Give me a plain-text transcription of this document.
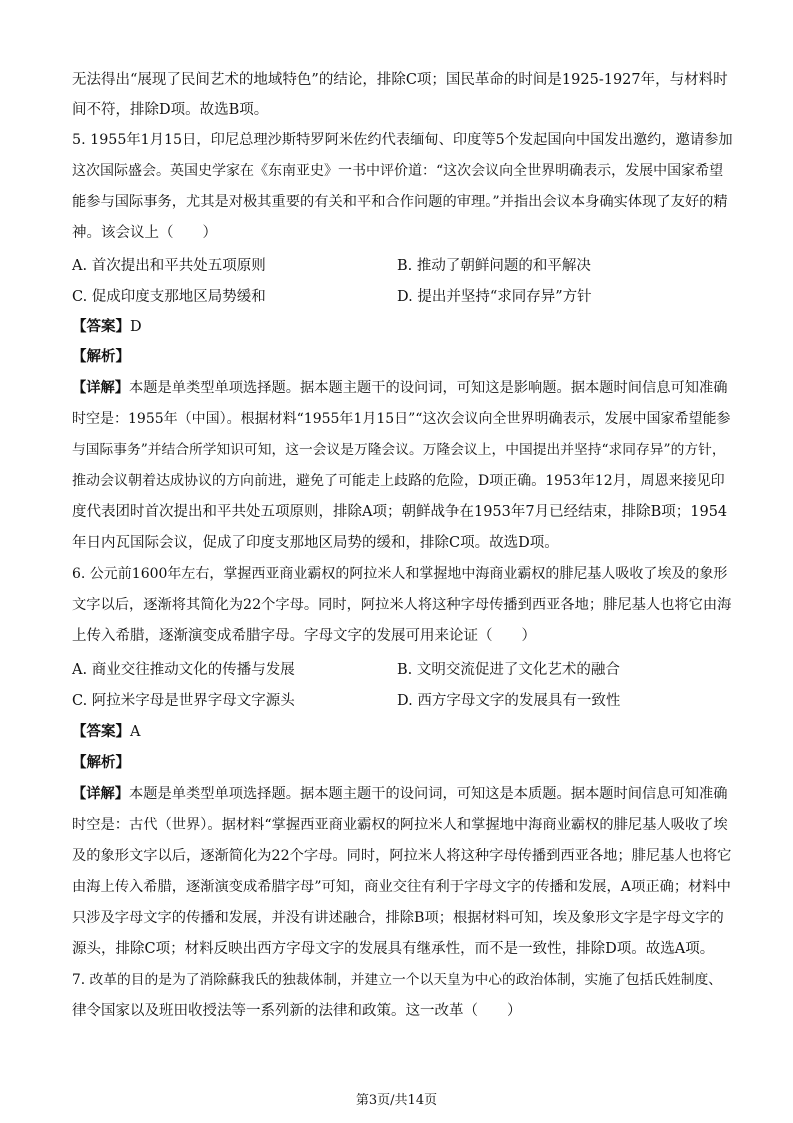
无法得出“展现了民间艺术的地域特色”的结论，排除C项；国民革命的时间是1925-1927年，与材料时
间不符，排除D项。故选B项。
5. 1955年1月15日，印尼总理沙斯特罗阿米佐约代表缅甸、印度等5个发起国向中国发出邀约，邀请参加
这次国际盛会。英国史学家在《东南亚史》一书中评价道：“这次会议向全世界明确表示，发展中国家希望
能参与国际事务，尤其是对极其重要的有关和平和合作问题的审理。”并指出会议本身确实体现了友好的精
神。该会议上（　　）
A. 首次提出和平共处五项原则	B. 推动了朝鲜问题的和平解决
C. 促成印度支那地区局势缓和	D. 提出并坚持“求同存异”方针
【答案】D
【解析】
【详解】本题是单类型单项选择题。据本题主题干的设问词，可知这是影响题。据本题时间信息可知准确
时空是：1955年（中国）。根据材料“1955年1月15日”“这次会议向全世界明确表示，发展中国家希望能参
与国际事务”并结合所学知识可知，这一会议是万隆会议。万隆会议上，中国提出并坚持“求同存异”的方针，
推动会议朝着达成协议的方向前进，避免了可能走上歧路的危险，D项正确。1953年12月，周恩来接见印
度代表团时首次提出和平共处五项原则，排除A项；朝鲜战争在1953年7月已经结束，排除B项；1954
年日内瓦国际会议，促成了印度支那地区局势的缓和，排除C项。故选D项。
6. 公元前1600年左右，掌握西亚商业霸权的阿拉米人和掌握地中海商业霸权的腓尼基人吸收了埃及的象形
文字以后，逐渐将其简化为22个字母。同时，阿拉米人将这种字母传播到西亚各地；腓尼基人也将它由海
上传入希腊，逐渐演变成希腊字母。字母文字的发展可用来论证（　　）
A. 商业交往推动文化的传播与发展	B. 文明交流促进了文化艺术的融合
C. 阿拉米字母是世界字母文字源头	D. 西方字母文字的发展具有一致性
【答案】A
【解析】
【详解】本题是单类型单项选择题。据本题主题干的设问词，可知这是本质题。据本题时间信息可知准确
时空是：古代（世界）。据材料“掌握西亚商业霸权的阿拉米人和掌握地中海商业霸权的腓尼基人吸收了埃
及的象形文字以后，逐渐简化为22个字母。同时，阿拉米人将这种字母传播到西亚各地；腓尼基人也将它
由海上传入希腊，逐渐演变成希腊字母”可知，商业交往有利于字母文字的传播和发展，A项正确；材料中
只涉及字母文字的传播和发展，并没有讲述融合，排除B项；根据材料可知，埃及象形文字是字母文字的
源头，排除C项；材料反映出西方字母文字的发展具有继承性，而不是一致性，排除D项。故选A项。
7. 改革的目的是为了消除蘇我氏的独裁体制，并建立一个以天皇为中心的政治体制，实施了包括氏姓制度、
律令国家以及班田收授法等一系列新的法律和政策。这一改革（　　）
第3页/共14页
